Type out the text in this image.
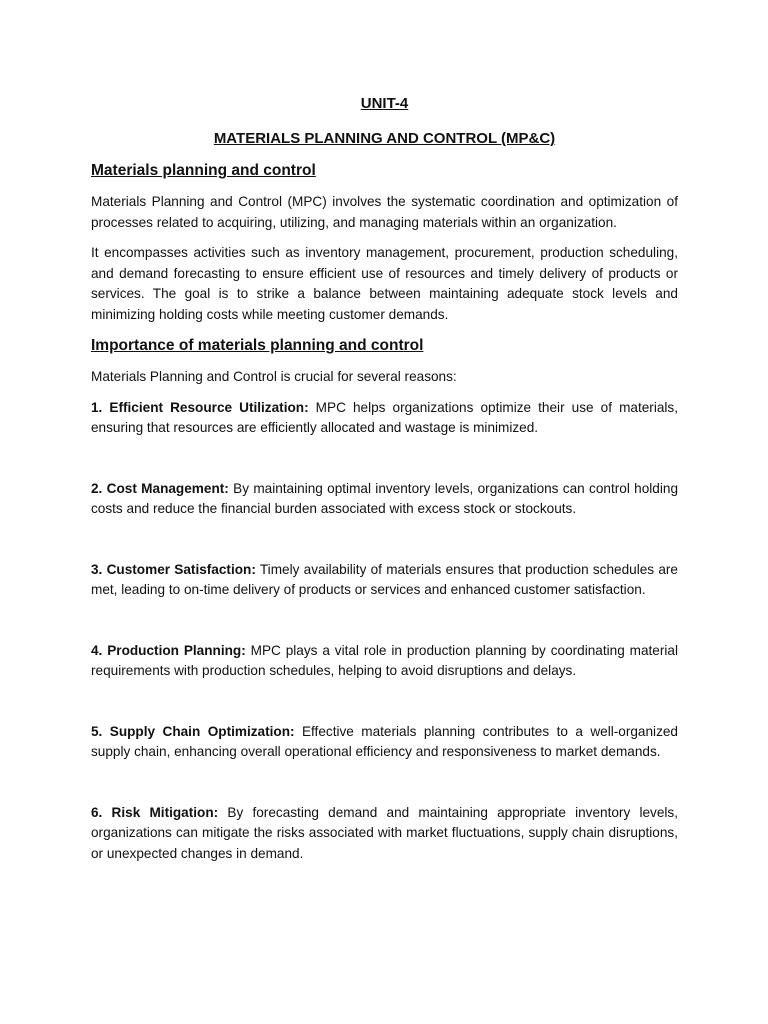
UNIT-4
MATERIALS PLANNING AND CONTROL (MP&C)
Materials planning and control

Materials Planning and Control (MPC) involves the systematic coordination and optimization of processes related to acquiring, utilizing, and managing materials within an organization.

It encompasses activities such as inventory management, procurement, production scheduling, and demand forecasting to ensure efficient use of resources and timely delivery of products or services. The goal is to strike a balance between maintaining adequate stock levels and minimizing holding costs while meeting customer demands.

Importance of materials planning and control

Materials Planning and Control is crucial for several reasons:

1. Efficient Resource Utilization: MPC helps organizations optimize their use of materials, ensuring that resources are efficiently allocated and wastage is minimized.

2. Cost Management: By maintaining optimal inventory levels, organizations can control holding costs and reduce the financial burden associated with excess stock or stockouts.

3. Customer Satisfaction: Timely availability of materials ensures that production schedules are met, leading to on-time delivery of products or services and enhanced customer satisfaction.

4. Production Planning: MPC plays a vital role in production planning by coordinating material requirements with production schedules, helping to avoid disruptions and delays.

5. Supply Chain Optimization: Effective materials planning contributes to a well-organized supply chain, enhancing overall operational efficiency and responsiveness to market demands.

6. Risk Mitigation: By forecasting demand and maintaining appropriate inventory levels, organizations can mitigate the risks associated with market fluctuations, supply chain disruptions, or unexpected changes in demand.
